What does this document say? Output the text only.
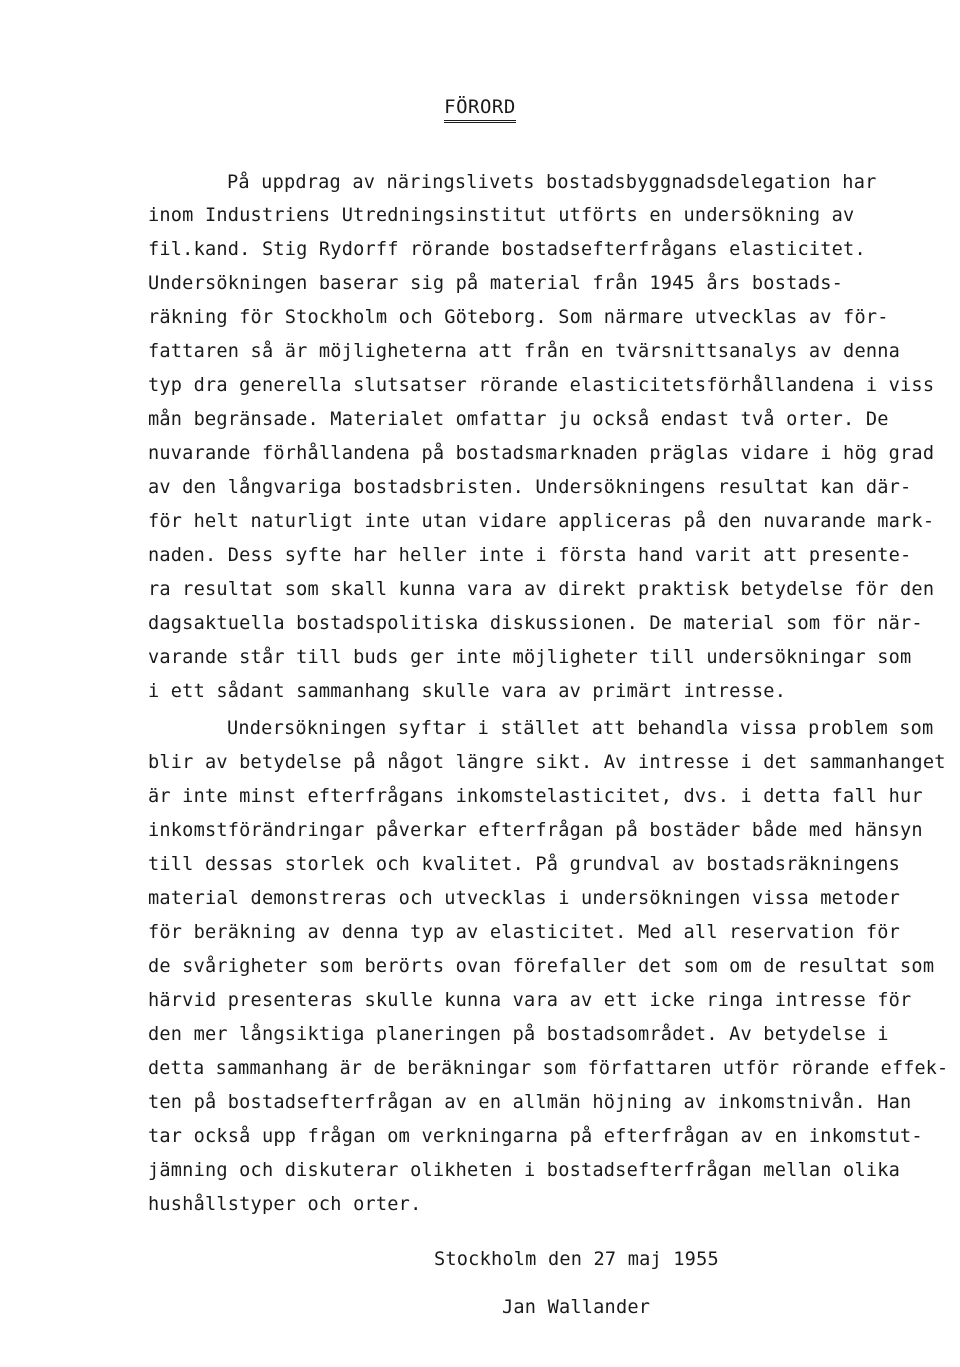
FÖRORD
På uppdrag av näringslivets bostadsbyggnadsdelegation har
inom Industriens Utredningsinstitut utförts en undersökning av
fil.kand. Stig Rydorff rörande bostadsefterfrågans elasticitet.
Undersökningen baserar sig på material från 1945 års bostads-
räkning för Stockholm och Göteborg. Som närmare utvecklas av för-
fattaren så är möjligheterna att från en tvärsnittsanalys av denna
typ dra generella slutsatser rörande elasticitetsförhållandena i viss
mån begränsade. Materialet omfattar ju också endast två orter. De
nuvarande förhållandena på bostadsmarknaden präglas vidare i hög grad
av den långvariga bostadsbristen. Undersökningens resultat kan där-
för helt naturligt inte utan vidare appliceras på den nuvarande mark-
naden. Dess syfte har heller inte i första hand varit att presente-
ra resultat som skall kunna vara av direkt praktisk betydelse för den
dagsaktuella bostadspolitiska diskussionen. De material som för när-
varande står till buds ger inte möjligheter till undersökningar som
i ett sådant sammanhang skulle vara av primärt intresse.
Undersökningen syftar i stället att behandla vissa problem som
blir av betydelse på något längre sikt. Av intresse i det sammanhanget
är inte minst efterfrågans inkomstelasticitet, dvs. i detta fall hur
inkomstförändringar påverkar efterfrågan på bostäder både med hänsyn
till dessas storlek och kvalitet. På grundval av bostadsräkningens
material demonstreras och utvecklas i undersökningen vissa metoder
för beräkning av denna typ av elasticitet. Med all reservation för
de svårigheter som berörts ovan förefaller det som om de resultat som
härvid presenteras skulle kunna vara av ett icke ringa intresse för
den mer långsiktiga planeringen på bostadsområdet. Av betydelse i
detta sammanhang är de beräkningar som författaren utför rörande effek-
ten på bostadsefterfrågan av en allmän höjning av inkomstnivån. Han
tar också upp frågan om verkningarna på efterfrågan av en inkomstut-
jämning och diskuterar olikheten i bostadsefterfrågan mellan olika
hushållstyper och orter.
Stockholm den 27 maj 1955
Jan Wallander
